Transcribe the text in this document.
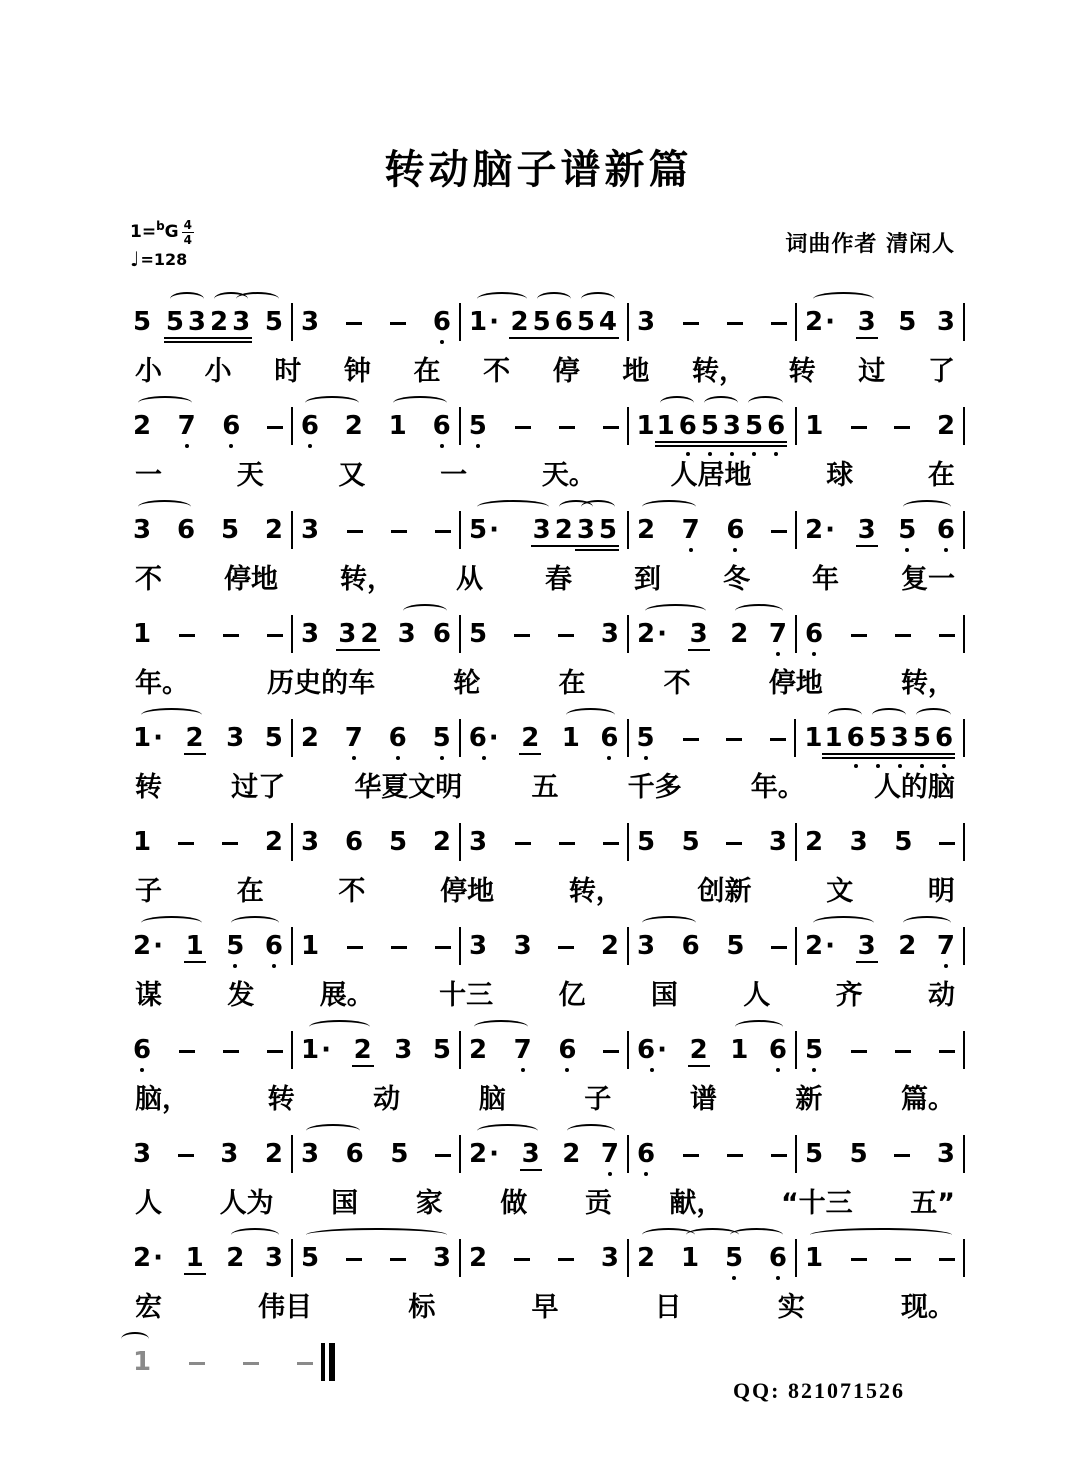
转动脑子谱新篇
1= b G $\frac{4}{4}$
♩ =128
词曲作者 清闲人
5 5 3 2 3 5 3	6 1 · 2 5 6 5 4 3	2 · 3 5 3
小 小 时 钟 在 不 停 地 转， 转 过 了
2 7 6 6 2 1 6 5	1 1 6 5 3 5 6 1	2
一	天	又	一	天。	人居地	球	在
3 6 5 2 3	5 · 3 2 3 5 2 7 6 2 · 3 5 6
不 停地 转， 从 春 到 冬 年 复一
1	3 3 2 3 6 5	3 2 · 3 2 7 6
年。	历史的车	轮	在	不	停地	转，
1 · 2 3 5 2 7 6 5 6 · 2 1 6 5	1 1 6 5 3 5 6
转	过了	华夏文明	五	千多	年。	人的脑
1	2 3 6 5 2 3	5 5	3 2 3 5
子	在	不	停地	转，	创新	文	明
2 · 1 5 6 1	3 3	2 3 6 5 2 · 3 2 7
谋 发 展。 十三 亿 国 人 齐 动
6	1 · 2 3 5 2 7 6 6 · 2 1 6 5
脑，	转	动	脑	子	谱	新	篇。
3	3 2 3 6 5 2 · 3 2 7 6	5 5	3
人 人为 国 家 做 贡 献， “十三 五”
2 · 1 2 3 5	3 2	3 2 1 5 6 1
宏	伟目	标	早	日	实	现。
1
QQ: 821071526
